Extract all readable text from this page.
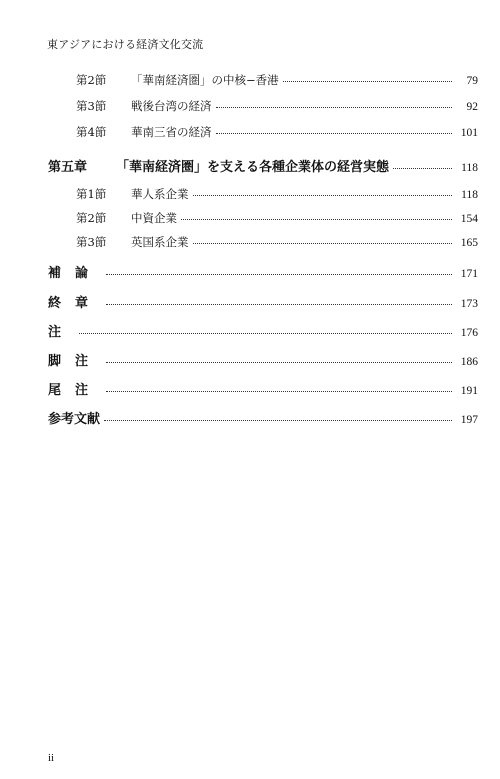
東アジアにおける経済文化交流
第2節	「華南経済圏」の中核−香港	79
第3節	戦後台湾の経済	92
第4節	華南三省の経済	101
第五章	「華南経済圏」を支える各種企業体の経営実態	118
第1節	華人系企業	118
第2節	中資企業	154
第3節	英国系企業	165
補論	171
終章	173
注	176
脚注	186
尾注	191
参考文献	197
ii
